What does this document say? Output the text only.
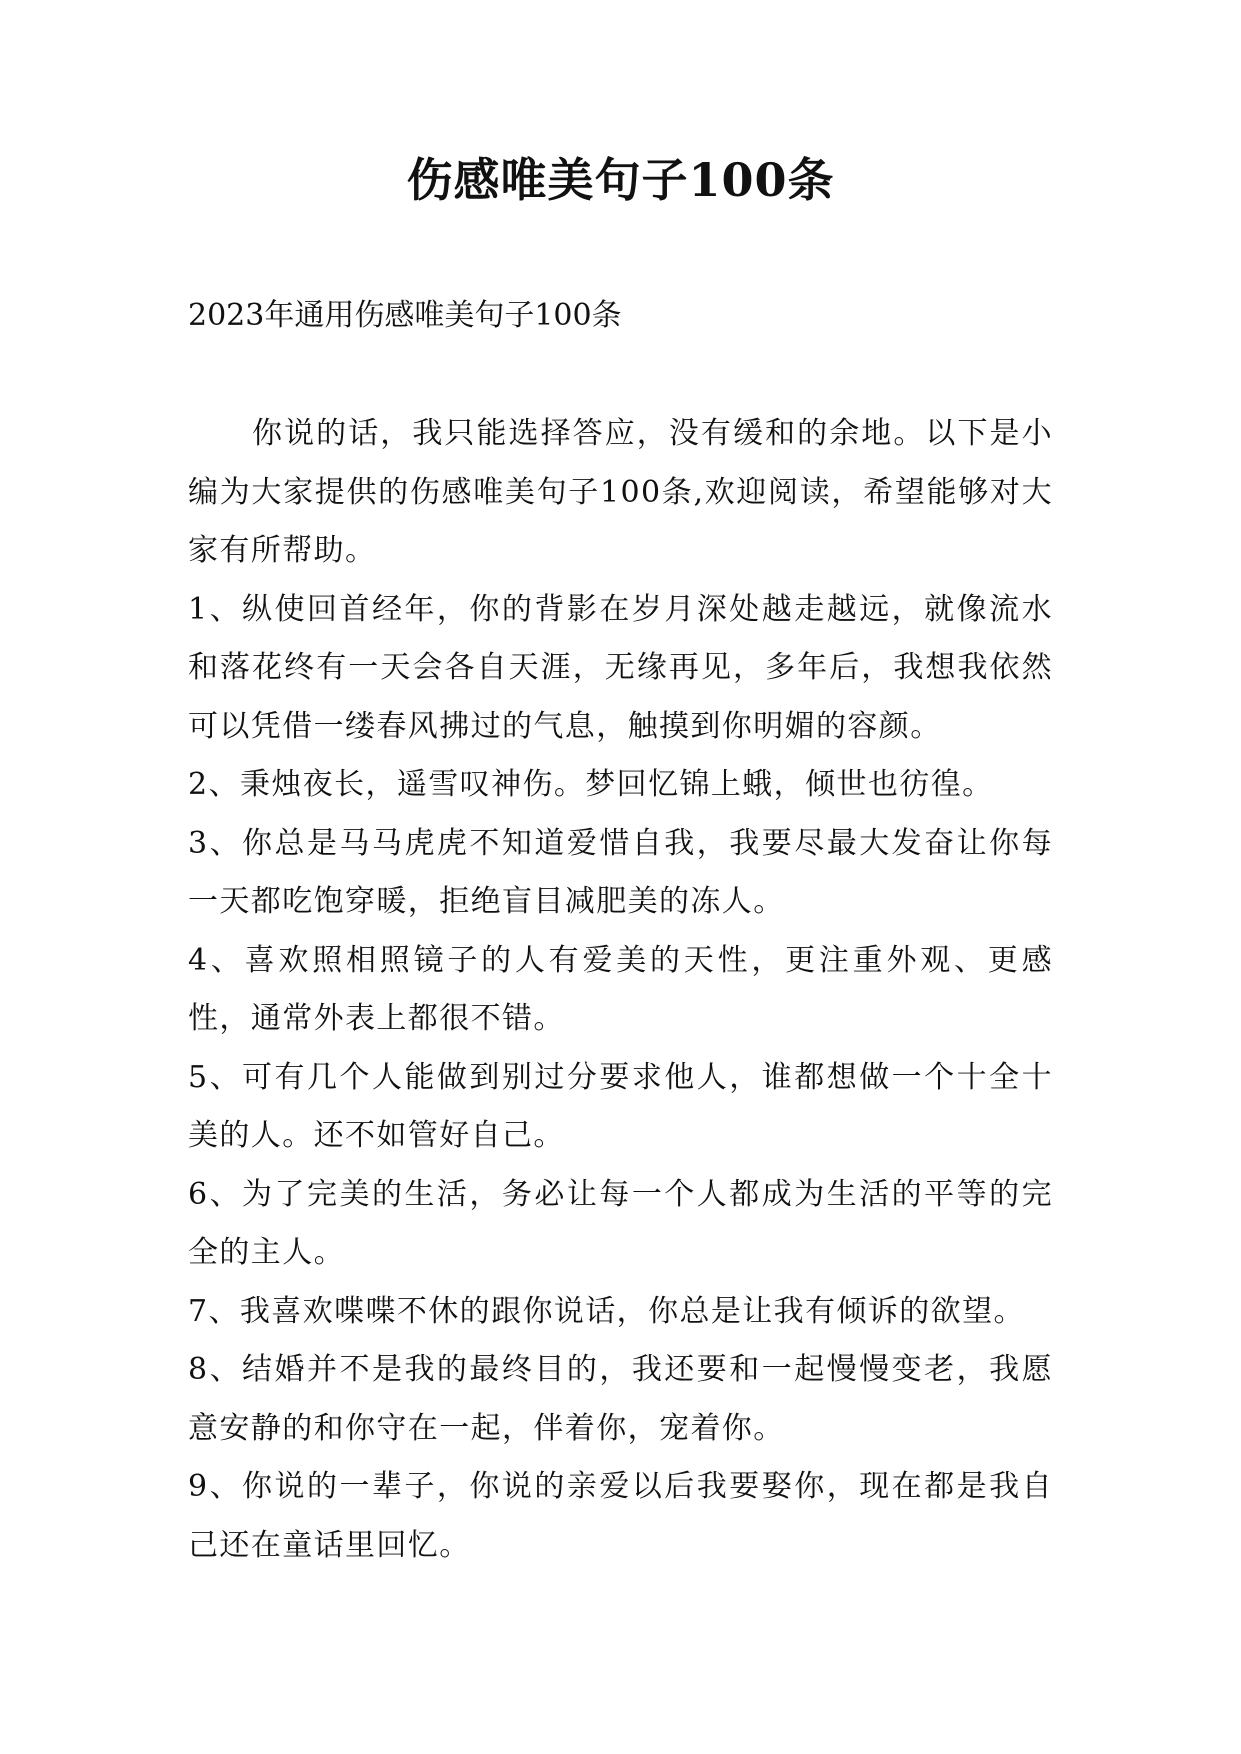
伤感唯美句子100条

2023年通用伤感唯美句子100条

你说的话，我只能选择答应，没有缓和的余地。以下是小编为大家提供的伤感唯美句子100条,欢迎阅读，希望能够对大家有所帮助。

1、纵使回首经年，你的背影在岁月深处越走越远，就像流水和落花终有一天会各自天涯，无缘再见，多年后，我想我依然可以凭借一缕春风拂过的气息，触摸到你明媚的容颜。

2、秉烛夜长，遥雪叹神伤。梦回忆锦上蛾，倾世也彷徨。

3、你总是马马虎虎不知道爱惜自我，我要尽最大发奋让你每一天都吃饱穿暖，拒绝盲目减肥美的冻人。

4、喜欢照相照镜子的人有爱美的天性，更注重外观、更感性，通常外表上都很不错。

5、可有几个人能做到别过分要求他人，谁都想做一个十全十美的人。还不如管好自己。

6、为了完美的生活，务必让每一个人都成为生活的平等的完全的主人。

7、我喜欢喋喋不休的跟你说话，你总是让我有倾诉的欲望。

8、结婚并不是我的最终目的，我还要和一起慢慢变老，我愿意安静的和你守在一起，伴着你，宠着你。

9、你说的一辈子，你说的亲爱以后我要娶你，现在都是我自己还在童话里回忆。
